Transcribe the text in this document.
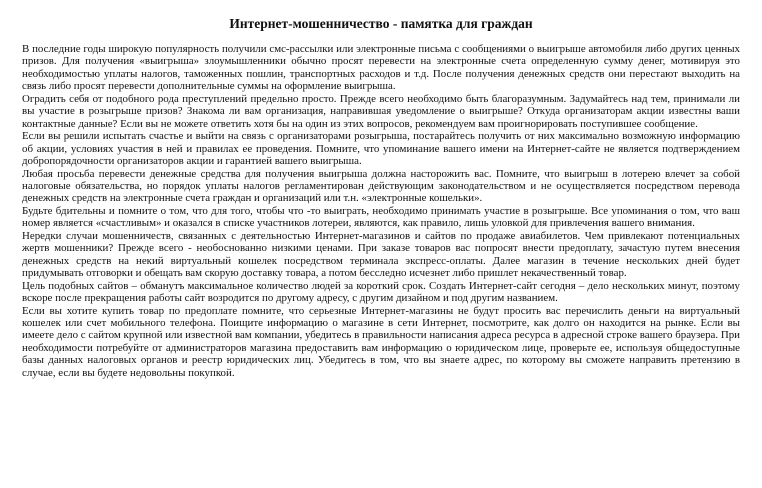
Интернет-мошенничество - памятка для граждан

В последние годы широкую популярность получили смс-рассылки или электронные письма с сообщениями о выигрыше автомобиля либо других ценных призов. Для получения «выигрыша» злоумышленники обычно просят перевести на электронные счета определенную сумму денег, мотивируя это необходимостью уплаты налогов, таможенных пошлин, транспортных расходов и т.д. После получения денежных средств они перестают выходить на связь либо просят перевести дополнительные суммы на оформление выигрыша.

Оградить себя от подобного рода преступлений предельно просто. Прежде всего необходимо быть благоразумным. Задумайтесь над тем, принимали ли вы участие в розыгрыше призов? Знакома ли вам организация, направившая уведомление о выигрыше? Откуда организаторам акции известны ваши контактные данные? Если вы не можете ответить хотя бы на один из этих вопросов, рекомендуем вам проигнорировать поступившее сообщение.

Если вы решили испытать счастье и выйти на связь с организаторами розыгрыша, постарайтесь получить от них максимально возможную информацию об акции, условиях участия в ней и правилах ее проведения. Помните, что упоминание вашего имени на Интернет-сайте не является подтверждением добропорядочности организаторов акции и гарантией вашего выигрыша.

Любая просьба перевести денежные средства для получения выигрыша должна насторожить вас. Помните, что выигрыш в лотерею влечет за собой налоговые обязательства, но порядок уплаты налогов регламентирован действующим законодательством и не осуществляется посредством перевода денежных средств на электронные счета граждан и организаций или т.н. «электронные кошельки».

Будьте бдительны и помните о том, что для того, чтобы что -то выиграть, необходимо принимать участие в розыгрыше. Все упоминания о том, что ваш номер является «счастливым» и оказался в списке участников лотереи, являются, как правило, лишь уловкой для привлечения вашего внимания.

Нередки случаи мошенничеств, связанных с деятельностью Интернет-магазинов и сайтов по продаже авиабилетов. Чем привлекают потенциальных жертв мошенники? Прежде всего - необоснованно низкими ценами. При заказе товаров вас попросят внести предоплату, зачастую путем внесения денежных средств на некий виртуальный кошелек посредством терминала экспресс-оплаты. Далее магазин в течение нескольких дней будет придумывать отговорки и обещать вам скорую доставку товара, а потом бесследно исчезнет либо пришлет некачественный товар.

Цель подобных сайтов – обманутъ максимальное количество людей за короткий срок. Создать Интернет-сайт сегодня – дело нескольких минут, поэтому вскоре после прекращения работы сайт возродится по другому адресу, с другим дизайном и под другим названием.

Если вы хотите купить товар по предоплате помните, что серьезные Интернет-магазины не будут просить вас перечислить деньги на виртуальный кошелек или счет мобильного телефона. Поищите информацию о магазине в сети Интернет, посмотрите, как долго он находится на рынке. Если вы имеете дело с сайтом крупной или известной вам компании, убедитесь в правильности написания адреса ресурса в адресной строке вашего браузера. При необходимости потребуйте от администраторов магазина предоставить вам информацию о юридическом лице, проверьте ее, используя общедоступные базы данных налоговых органов и реестр юридических лиц. Убедитесь в том, что вы знаете адрес, по которому вы сможете направить претензию в случае, если вы будете недовольны покупкой.
